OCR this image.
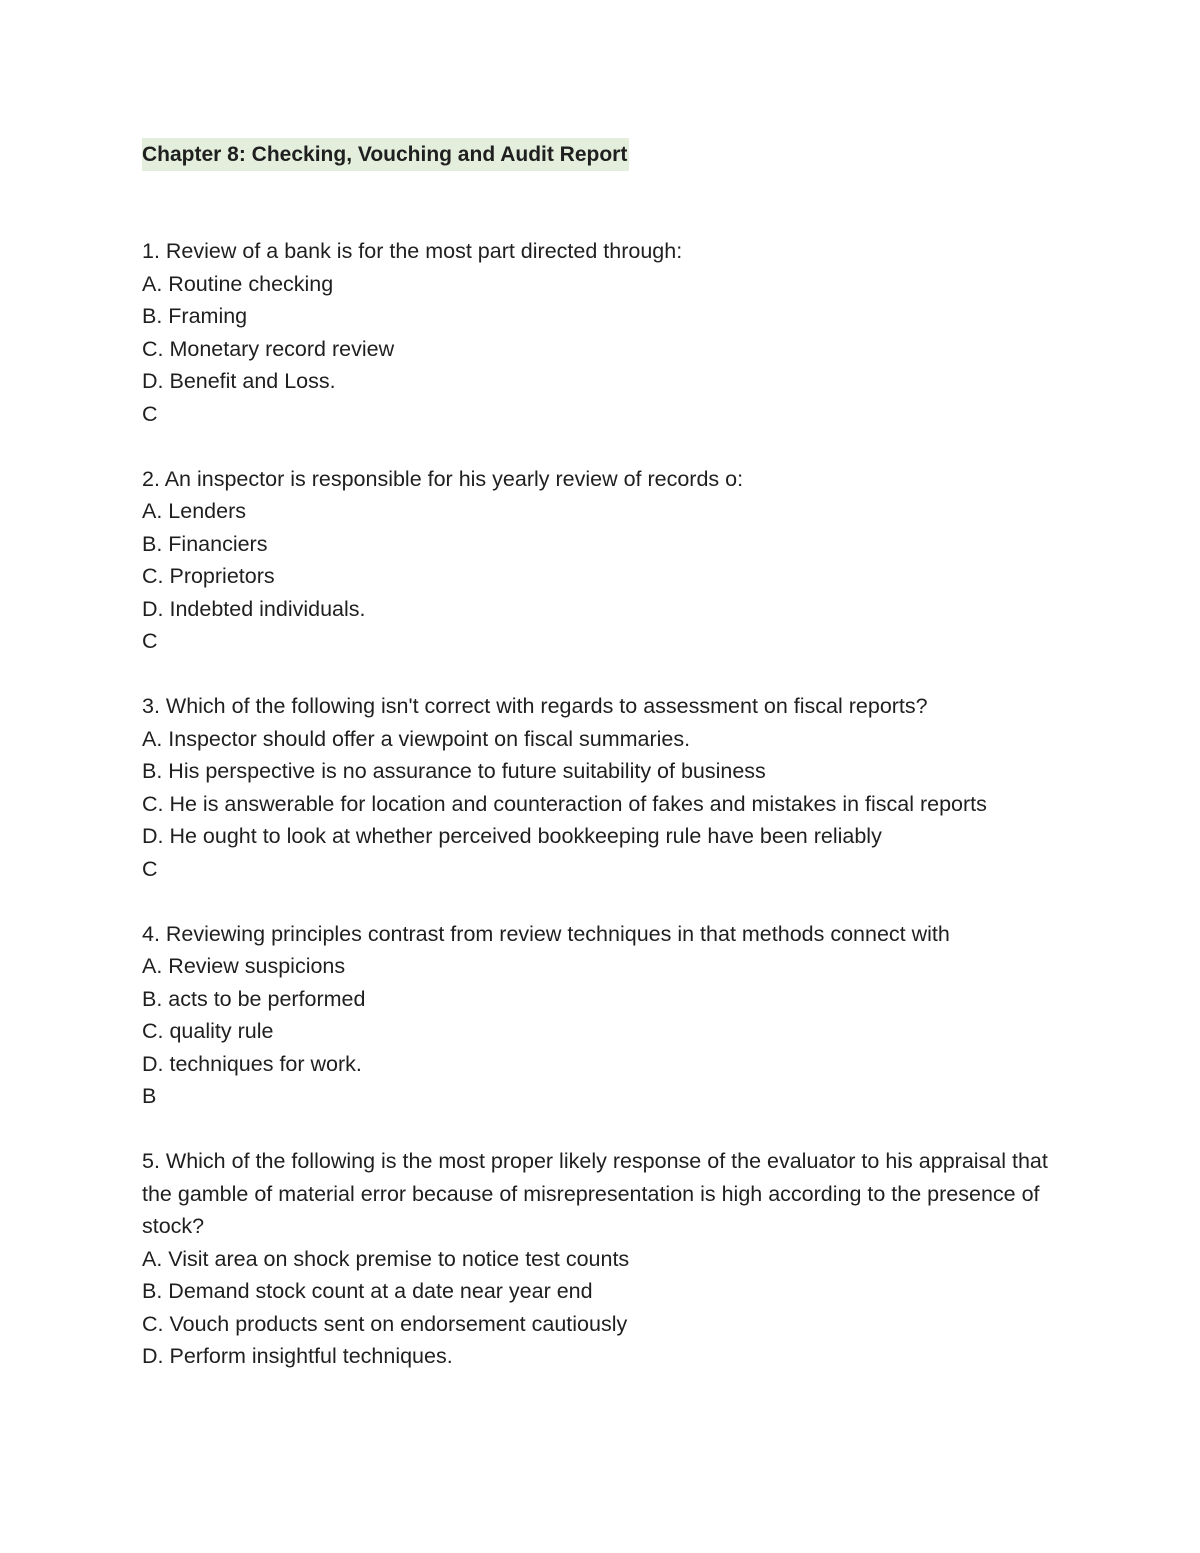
Chapter 8: Checking, Vouching and Audit Report

1. Review of a bank is for the most part directed through:

A. Routine checking

B. Framing

C. Monetary record review

D. Benefit and Loss.

C

2. An inspector is responsible for his yearly review of records o:

A. Lenders

B. Financiers

C. Proprietors

D. Indebted individuals.

C

3. Which of the following isn't correct with regards to assessment on fiscal reports?

A. Inspector should offer a viewpoint on fiscal summaries.

B. His perspective is no assurance to future suitability of business

C. He is answerable for location and counteraction of fakes and mistakes in fiscal reports

D. He ought to look at whether perceived bookkeeping rule have been reliably

C

4. Reviewing principles contrast from review techniques in that methods connect with

A. Review suspicions

B. acts to be performed

C. quality rule

D. techniques for work.

B

5. Which of the following is the most proper likely response of the evaluator to his appraisal that the gamble of material error because of misrepresentation is high according to the presence of stock?

A. Visit area on shock premise to notice test counts

B. Demand stock count at a date near year end

C. Vouch products sent on endorsement cautiously

D. Perform insightful techniques.
